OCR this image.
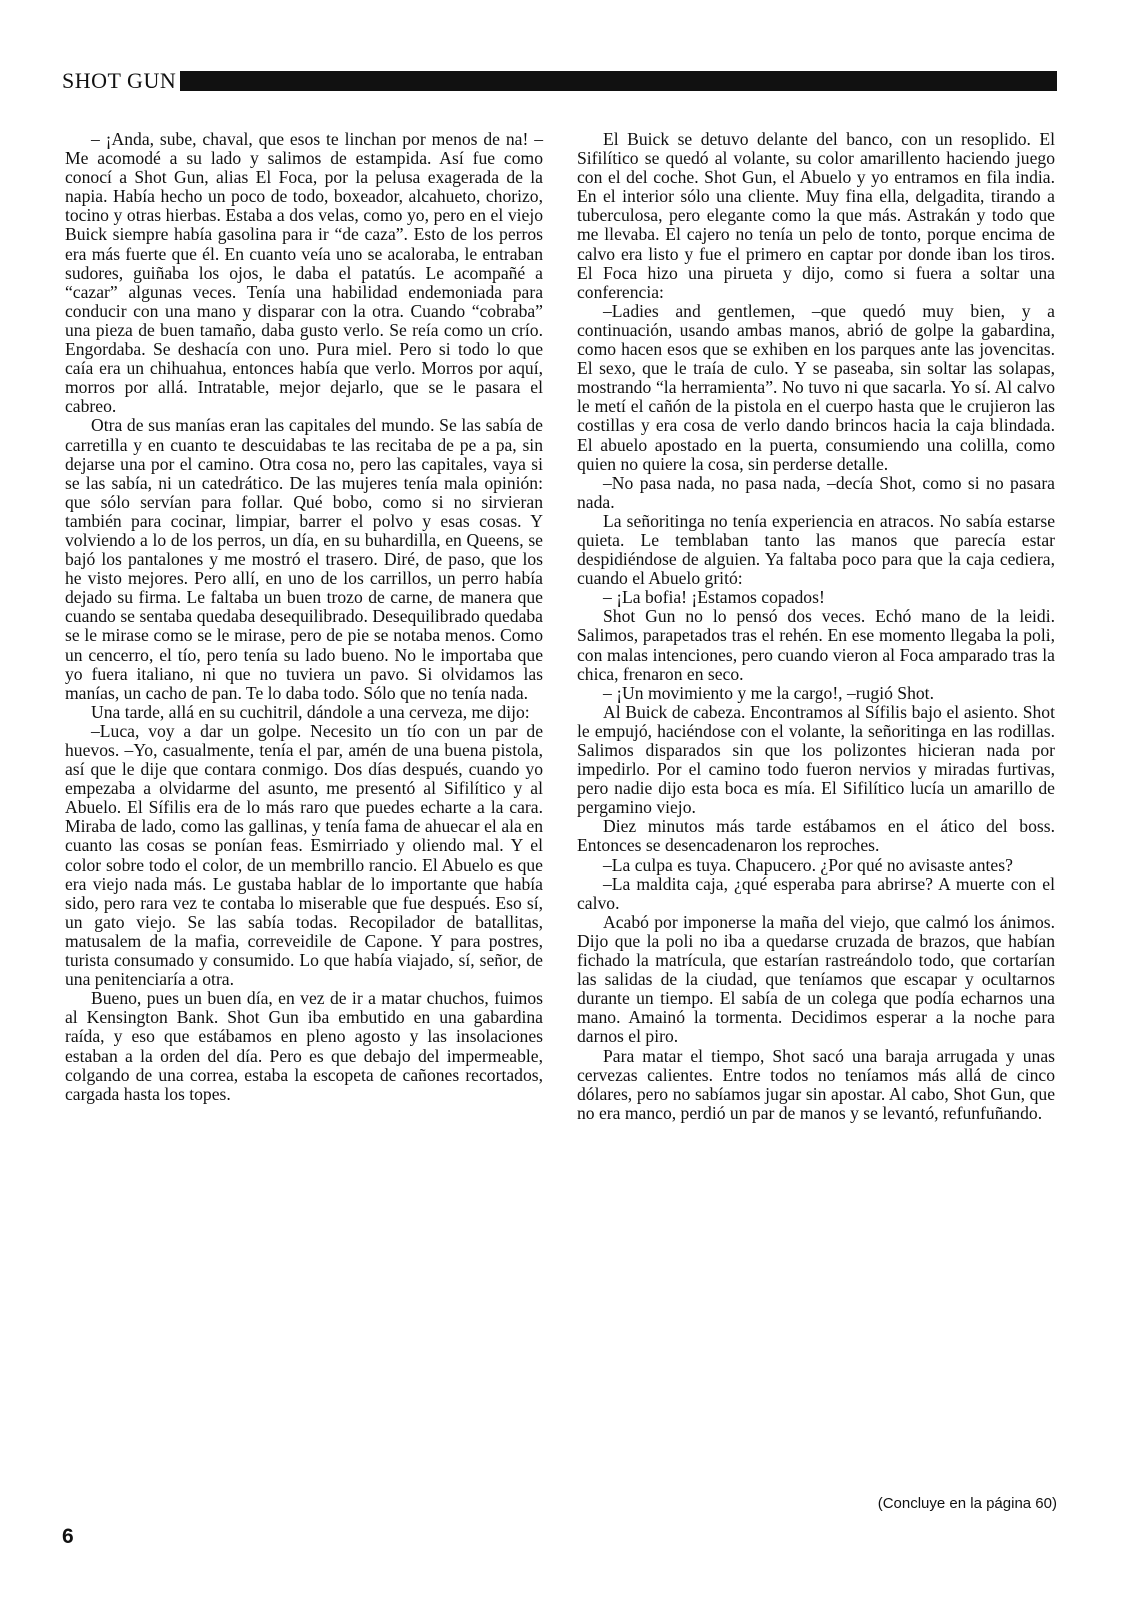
SHOT GUN

– ¡Anda, sube, chaval, que esos te linchan por menos de na! –Me acomodé a su lado y salimos de estampida. Así fue como conocí a Shot Gun, alias El Foca, por la pelusa exagerada de la napia. Había hecho un poco de todo, boxeador, alcahueto, chorizo, tocino y otras hierbas. Estaba a dos velas, como yo, pero en el viejo Buick siempre había gasolina para ir “de caza”. Esto de los perros era más fuerte que él. En cuanto veía uno se acaloraba, le entraban sudores, guiñaba los ojos, le daba el patatús. Le acompañé a “cazar” algunas veces. Tenía una habilidad endemoniada para conducir con una mano y disparar con la otra. Cuando “cobraba” una pieza de buen tamaño, daba gusto verlo. Se reía como un crío. Engordaba. Se deshacía con uno. Pura miel. Pero si todo lo que caía era un chihuahua, entonces había que verlo. Morros por aquí, morros por allá. Intratable, mejor dejarlo, que se le pasara el cabreo.

Otra de sus manías eran las capitales del mundo. Se las sabía de carretilla y en cuanto te descuidabas te las recitaba de pe a pa, sin dejarse una por el camino. Otra cosa no, pero las capitales, vaya si se las sabía, ni un catedrático. De las mujeres tenía mala opinión: que sólo servían para follar. Qué bobo, como si no sirvieran también para cocinar, limpiar, barrer el polvo y esas cosas. Y volviendo a lo de los perros, un día, en su buhardilla, en Queens, se bajó los pantalones y me mostró el trasero. Diré, de paso, que los he visto mejores. Pero allí, en uno de los carrillos, un perro había dejado su firma. Le faltaba un buen trozo de carne, de manera que cuando se sentaba quedaba desequilibrado. Desequilibrado quedaba se le mirase como se le mirase, pero de pie se notaba menos. Como un cencerro, el tío, pero tenía su lado bueno. No le importaba que yo fuera italiano, ni que no tuviera un pavo. Si olvidamos las manías, un cacho de pan. Te lo daba todo. Sólo que no tenía nada.

Una tarde, allá en su cuchitril, dándole a una cerveza, me dijo:

–Luca, voy a dar un golpe. Necesito un tío con un par de huevos. –Yo, casualmente, tenía el par, amén de una buena pistola, así que le dije que contara conmigo. Dos días después, cuando yo empezaba a olvidarme del asunto, me presentó al Sifilítico y al Abuelo. El Sífilis era de lo más raro que puedes echarte a la cara. Miraba de lado, como las gallinas, y tenía fama de ahuecar el ala en cuanto las cosas se ponían feas. Esmirriado y oliendo mal. Y el color sobre todo el color, de un membrillo rancio. El Abuelo es que era viejo nada más. Le gustaba hablar de lo importante que había sido, pero rara vez te contaba lo miserable que fue después. Eso sí, un gato viejo. Se las sabía todas. Recopilador de batallitas, matusalem de la mafia, correveidile de Capone. Y para postres, turista consumado y consumido. Lo que había viajado, sí, señor, de una penitenciaría a otra.

Bueno, pues un buen día, en vez de ir a matar chuchos, fuimos al Kensington Bank. Shot Gun iba embutido en una gabardina raída, y eso que estábamos en pleno agosto y las insolaciones estaban a la orden del día. Pero es que debajo del impermeable, colgando de una correa, estaba la escopeta de cañones recortados, cargada hasta los topes.

El Buick se detuvo delante del banco, con un resoplido. El Sifilítico se quedó al volante, su color amarillento haciendo juego con el del coche. Shot Gun, el Abuelo y yo entramos en fila india. En el interior sólo una cliente. Muy fina ella, delgadita, tirando a tuberculosa, pero elegante como la que más. Astrakán y todo que me llevaba. El cajero no tenía un pelo de tonto, porque encima de calvo era listo y fue el primero en captar por donde iban los tiros. El Foca hizo una pirueta y dijo, como si fuera a soltar una conferencia:

–Ladies and gentlemen, –que quedó muy bien, y a continuación, usando ambas manos, abrió de golpe la gabardina, como hacen esos que se exhiben en los parques ante las jovencitas. El sexo, que le traía de culo. Y se paseaba, sin soltar las solapas, mostrando “la herramienta”. No tuvo ni que sacarla. Yo sí. Al calvo le metí el cañón de la pistola en el cuerpo hasta que le crujieron las costillas y era cosa de verlo dando brincos hacia la caja blindada. El abuelo apostado en la puerta, consumiendo una colilla, como quien no quiere la cosa, sin perderse detalle.

–No pasa nada, no pasa nada, –decía Shot, como si no pasara nada.

La señoritinga no tenía experiencia en atracos. No sabía estarse quieta. Le temblaban tanto las manos que parecía estar despidiéndose de alguien. Ya faltaba poco para que la caja cediera, cuando el Abuelo gritó:

– ¡La bofia! ¡Estamos copados!

Shot Gun no lo pensó dos veces. Echó mano de la leidi. Salimos, parapetados tras el rehén. En ese momento llegaba la poli, con malas intenciones, pero cuando vieron al Foca amparado tras la chica, frenaron en seco.

– ¡Un movimiento y me la cargo!, –rugió Shot.

Al Buick de cabeza. Encontramos al Sífilis bajo el asiento. Shot le empujó, haciéndose con el volante, la señoritinga en las rodillas. Salimos disparados sin que los polizontes hicieran nada por impedirlo. Por el camino todo fueron nervios y miradas furtivas, pero nadie dijo esta boca es mía. El Sifilítico lucía un amarillo de pergamino viejo.

Diez minutos más tarde estábamos en el ático del boss. Entonces se desencadenaron los reproches.

–La culpa es tuya. Chapucero. ¿Por qué no avisaste antes?

–La maldita caja, ¿qué esperaba para abrirse? A muerte con el calvo.

Acabó por imponerse la maña del viejo, que calmó los ánimos. Dijo que la poli no iba a quedarse cruzada de brazos, que habían fichado la matrícula, que estarían rastreándolo todo, que cortarían las salidas de la ciudad, que teníamos que escapar y ocultarnos durante un tiempo. El sabía de un colega que podía echarnos una mano. Amainó la tormenta. Decidimos esperar a la noche para darnos el piro.

Para matar el tiempo, Shot sacó una baraja arrugada y unas cervezas calientes. Entre todos no teníamos más allá de cinco dólares, pero no sabíamos jugar sin apostar. Al cabo, Shot Gun, que no era manco, perdió un par de manos y se levantó, refunfuñando.

(Concluye en la página 60)
6
